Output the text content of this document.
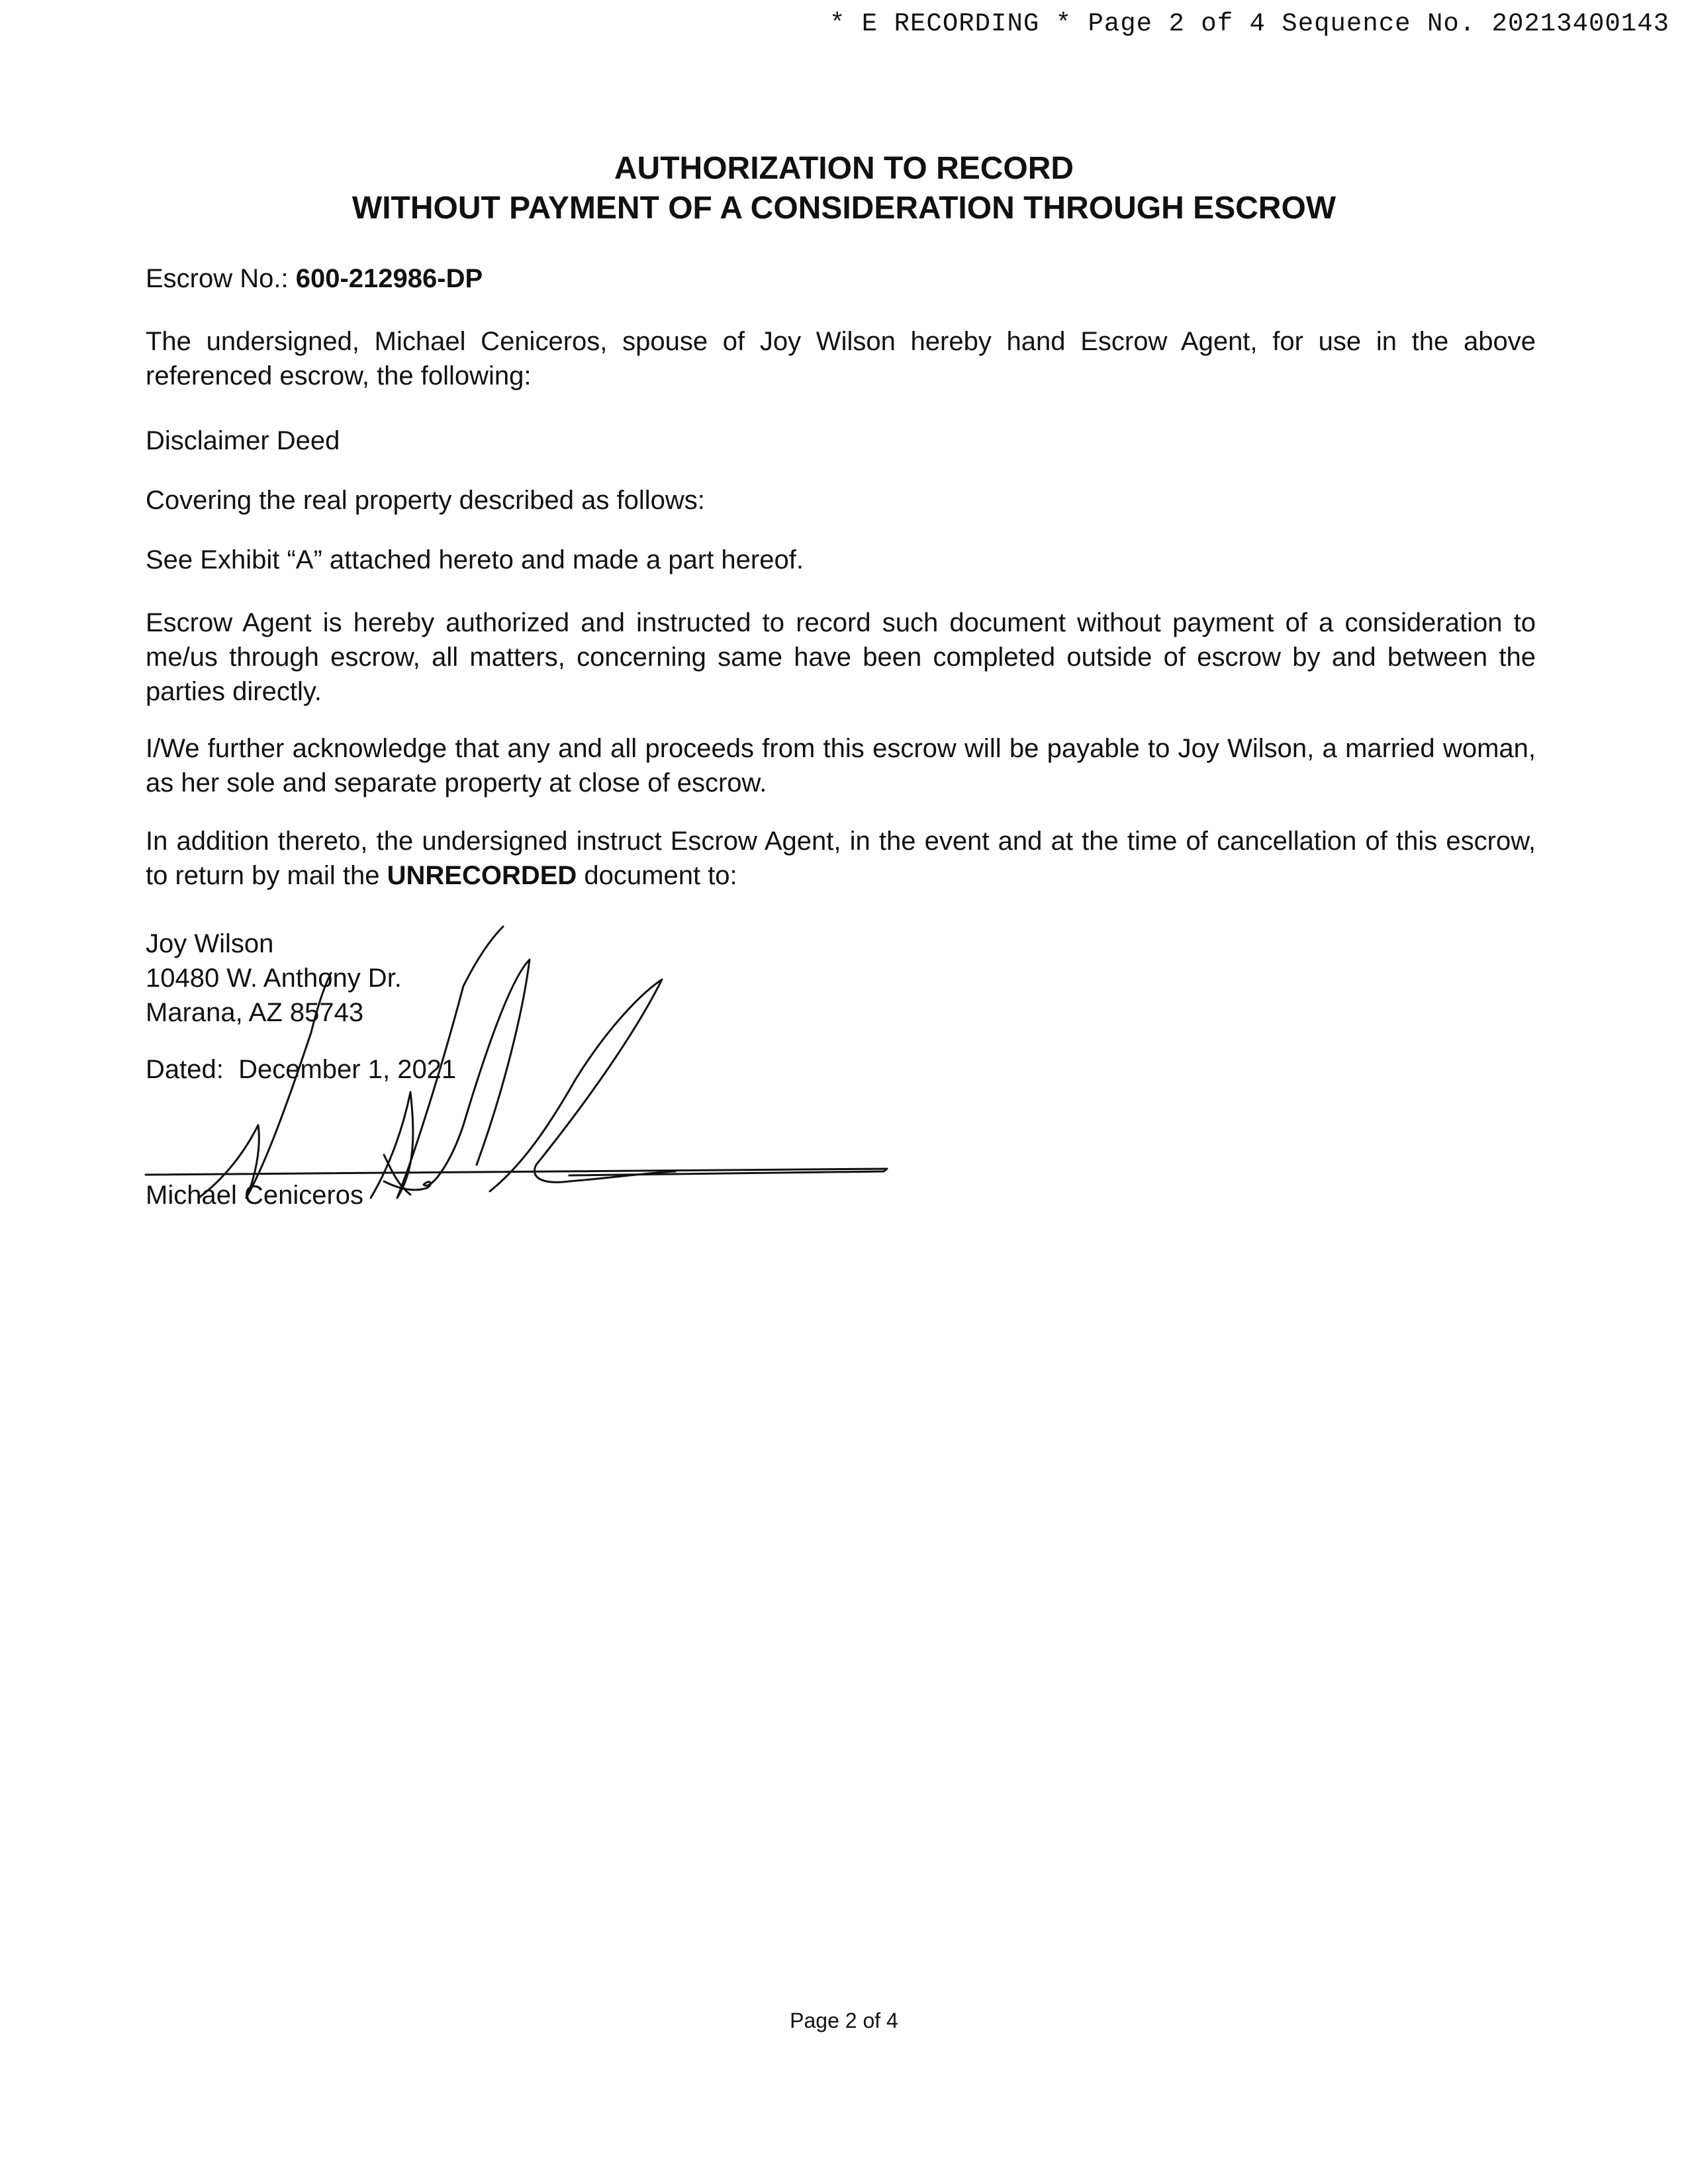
* E RECORDING * Page 2 of 4 Sequence No. 20213400143
AUTHORIZATION TO RECORD
WITHOUT PAYMENT OF A CONSIDERATION THROUGH ESCROW
Escrow No.: 600-212986-DP
The undersigned, Michael Ceniceros, spouse of Joy Wilson hereby hand Escrow Agent, for use in the above referenced escrow, the following:
Disclaimer Deed
Covering the real property described as follows:
See Exhibit “A” attached hereto and made a part hereof.
Escrow Agent is hereby authorized and instructed to record such document without payment of a consideration to me/us through escrow, all matters, concerning same have been completed outside of escrow by and between the parties directly.
I/We further acknowledge that any and all proceeds from this escrow will be payable to Joy Wilson, a married woman, as her sole and separate property at close of escrow.
In addition thereto, the undersigned instruct Escrow Agent, in the event and at the time of cancellation of this escrow, to return by mail the UNRECORDED document to:
Joy Wilson
10480 W. Anthony Dr.
Marana, AZ 85743
Dated: December 1, 2021
Michael Ceniceros
Page 2 of 4
